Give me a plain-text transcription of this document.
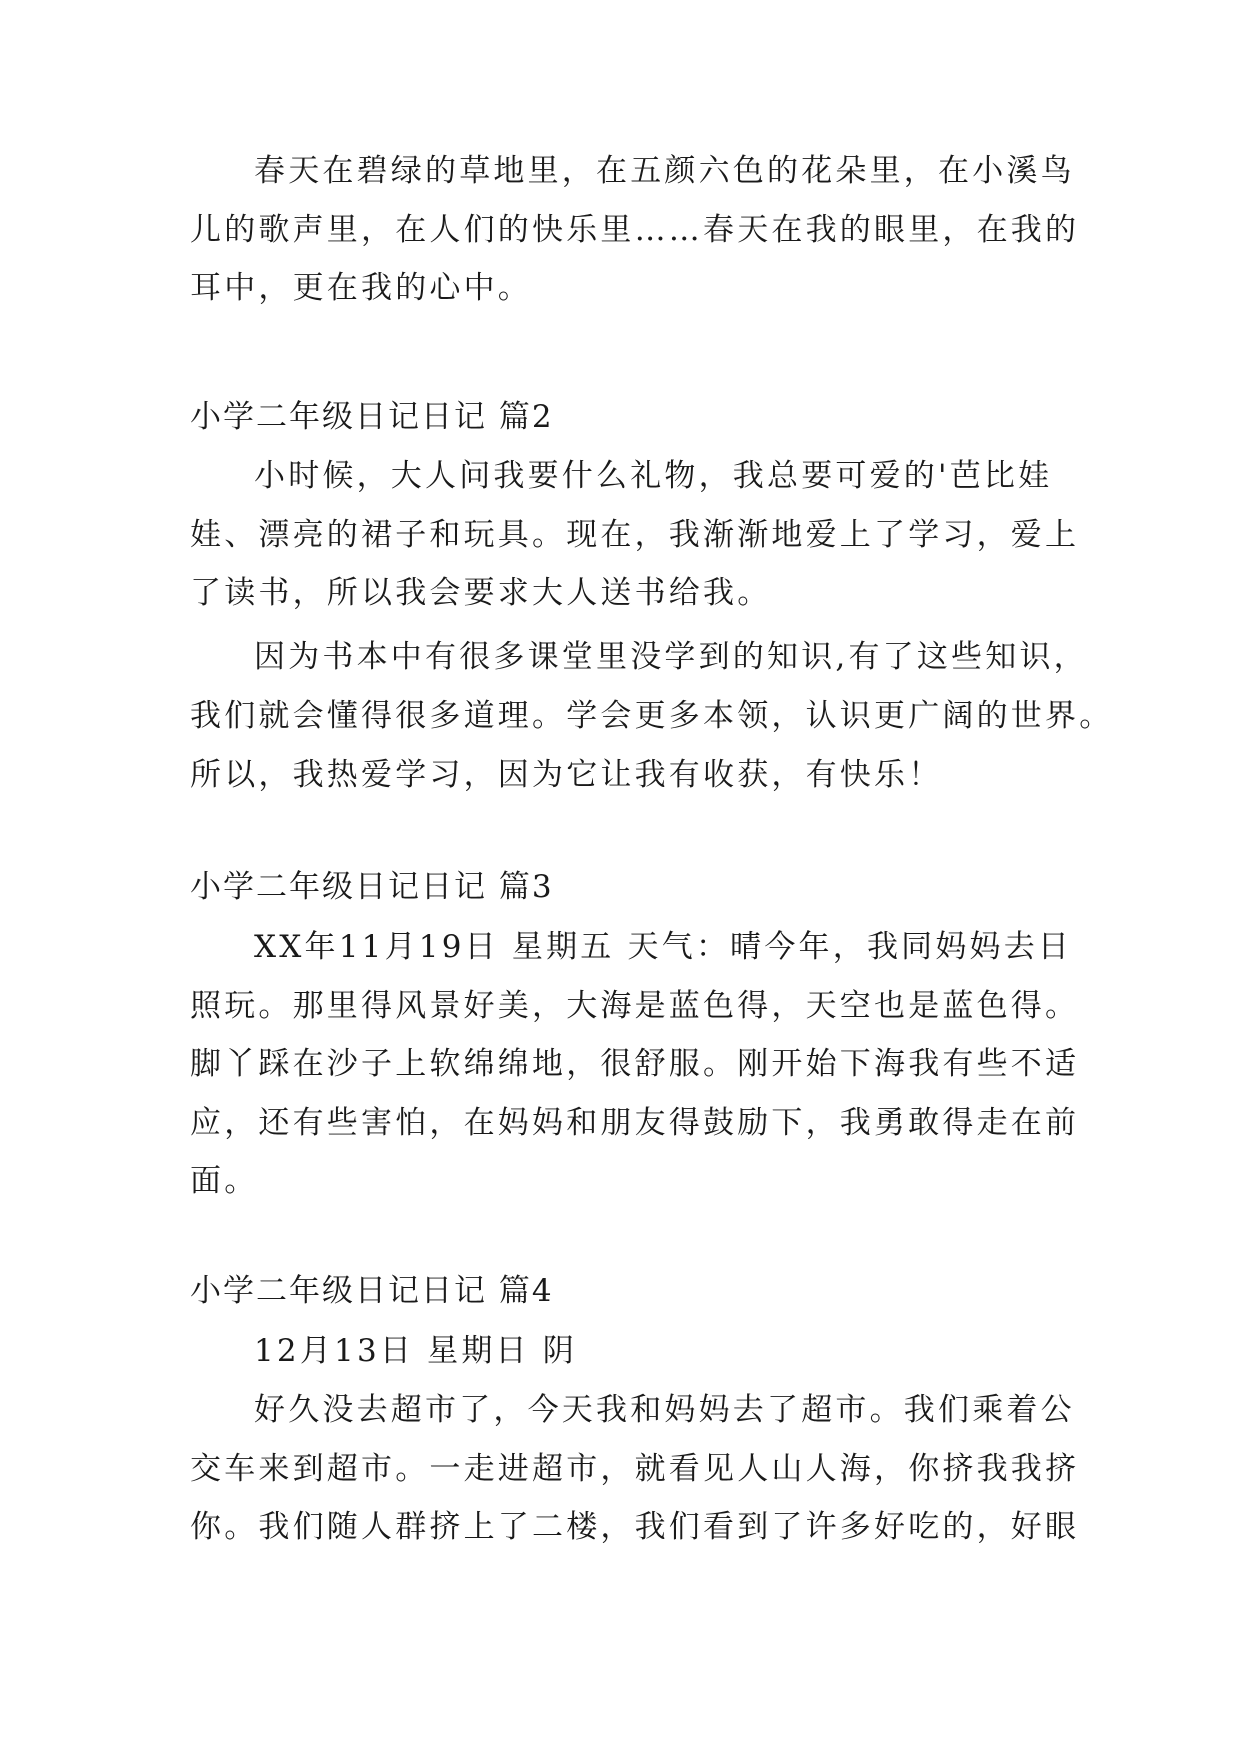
春天在碧绿的草地里，在五颜六色的花朵里，在小溪鸟
儿的歌声里，在人们的快乐里……春天在我的眼里，在我的
耳中，更在我的心中。
小学二年级日记日记 篇2
小时候，大人问我要什么礼物，我总要可爱的'芭比娃
娃、漂亮的裙子和玩具。现在，我渐渐地爱上了学习，爱上
了读书，所以我会要求大人送书给我。
因为书本中有很多课堂里没学到的知识,有了这些知识，
我们就会懂得很多道理。学会更多本领，认识更广阔的世界。
所以，我热爱学习，因为它让我有收获，有快乐！
小学二年级日记日记 篇3
XX年11月19日 星期五 天气：晴今年，我同妈妈去日
照玩。那里得风景好美，大海是蓝色得，天空也是蓝色得。
脚丫踩在沙子上软绵绵地，很舒服。刚开始下海我有些不适
应，还有些害怕，在妈妈和朋友得鼓励下，我勇敢得走在前
面。
小学二年级日记日记 篇4
12月13日 星期日 阴
好久没去超市了，今天我和妈妈去了超市。我们乘着公
交车来到超市。一走进超市，就看见人山人海，你挤我我挤
你。我们随人群挤上了二楼，我们看到了许多好吃的，好眼
